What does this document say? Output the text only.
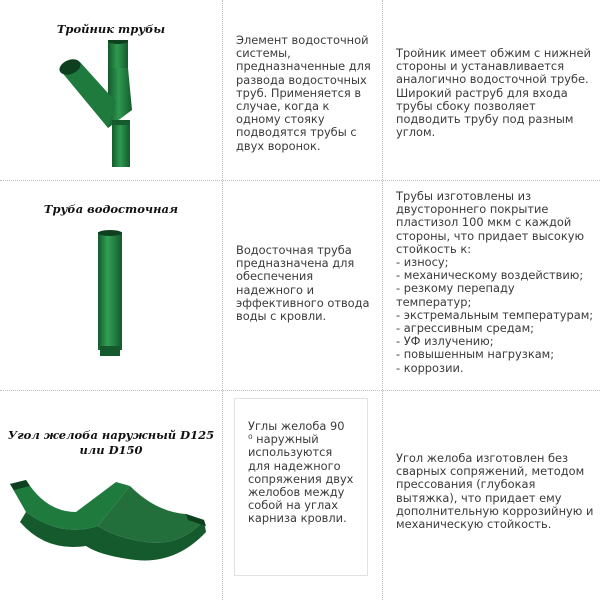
Тройник трубы
Элемент водосточной
системы,
предназначенные для
развода водосточных
труб. Применяется в
случае, когда к
одному стояку
подводятся трубы с
двух воронок.
Тройник имеет обжим с нижней
стороны и устанавливается
аналогично водосточной трубе.
Широкий раструб для входа
трубы сбоку позволяет
подводить трубу под разным
углом.
Труба водосточная
Водосточная труба
предназначена для
обеспечения
надежного и
эффективного отвода
воды с кровли.
Трубы изготовлены из
двустороннего покрытие
пластизол 100 мкм с каждой
стороны, что придает высокую
стойкость к:
- износу;
- механическому воздействию;
- резкому перепаду
температур;
- экстремальным температурам;
- агрессивным средам;
- УФ излучению;
- повышенным нагрузкам;
- коррозии.
Угол желоба наружный D125
или D150
Углы желоба 90
⁰ наружный
используются
для надежного
сопряжения двух
желобов между
собой на углах
карниза кровли.
Угол желоба изготовлен без
сварных сопряжений, методом
прессования (глубокая
вытяжка), что придает ему
дополнительную коррозийную и
механическую стойкость.
